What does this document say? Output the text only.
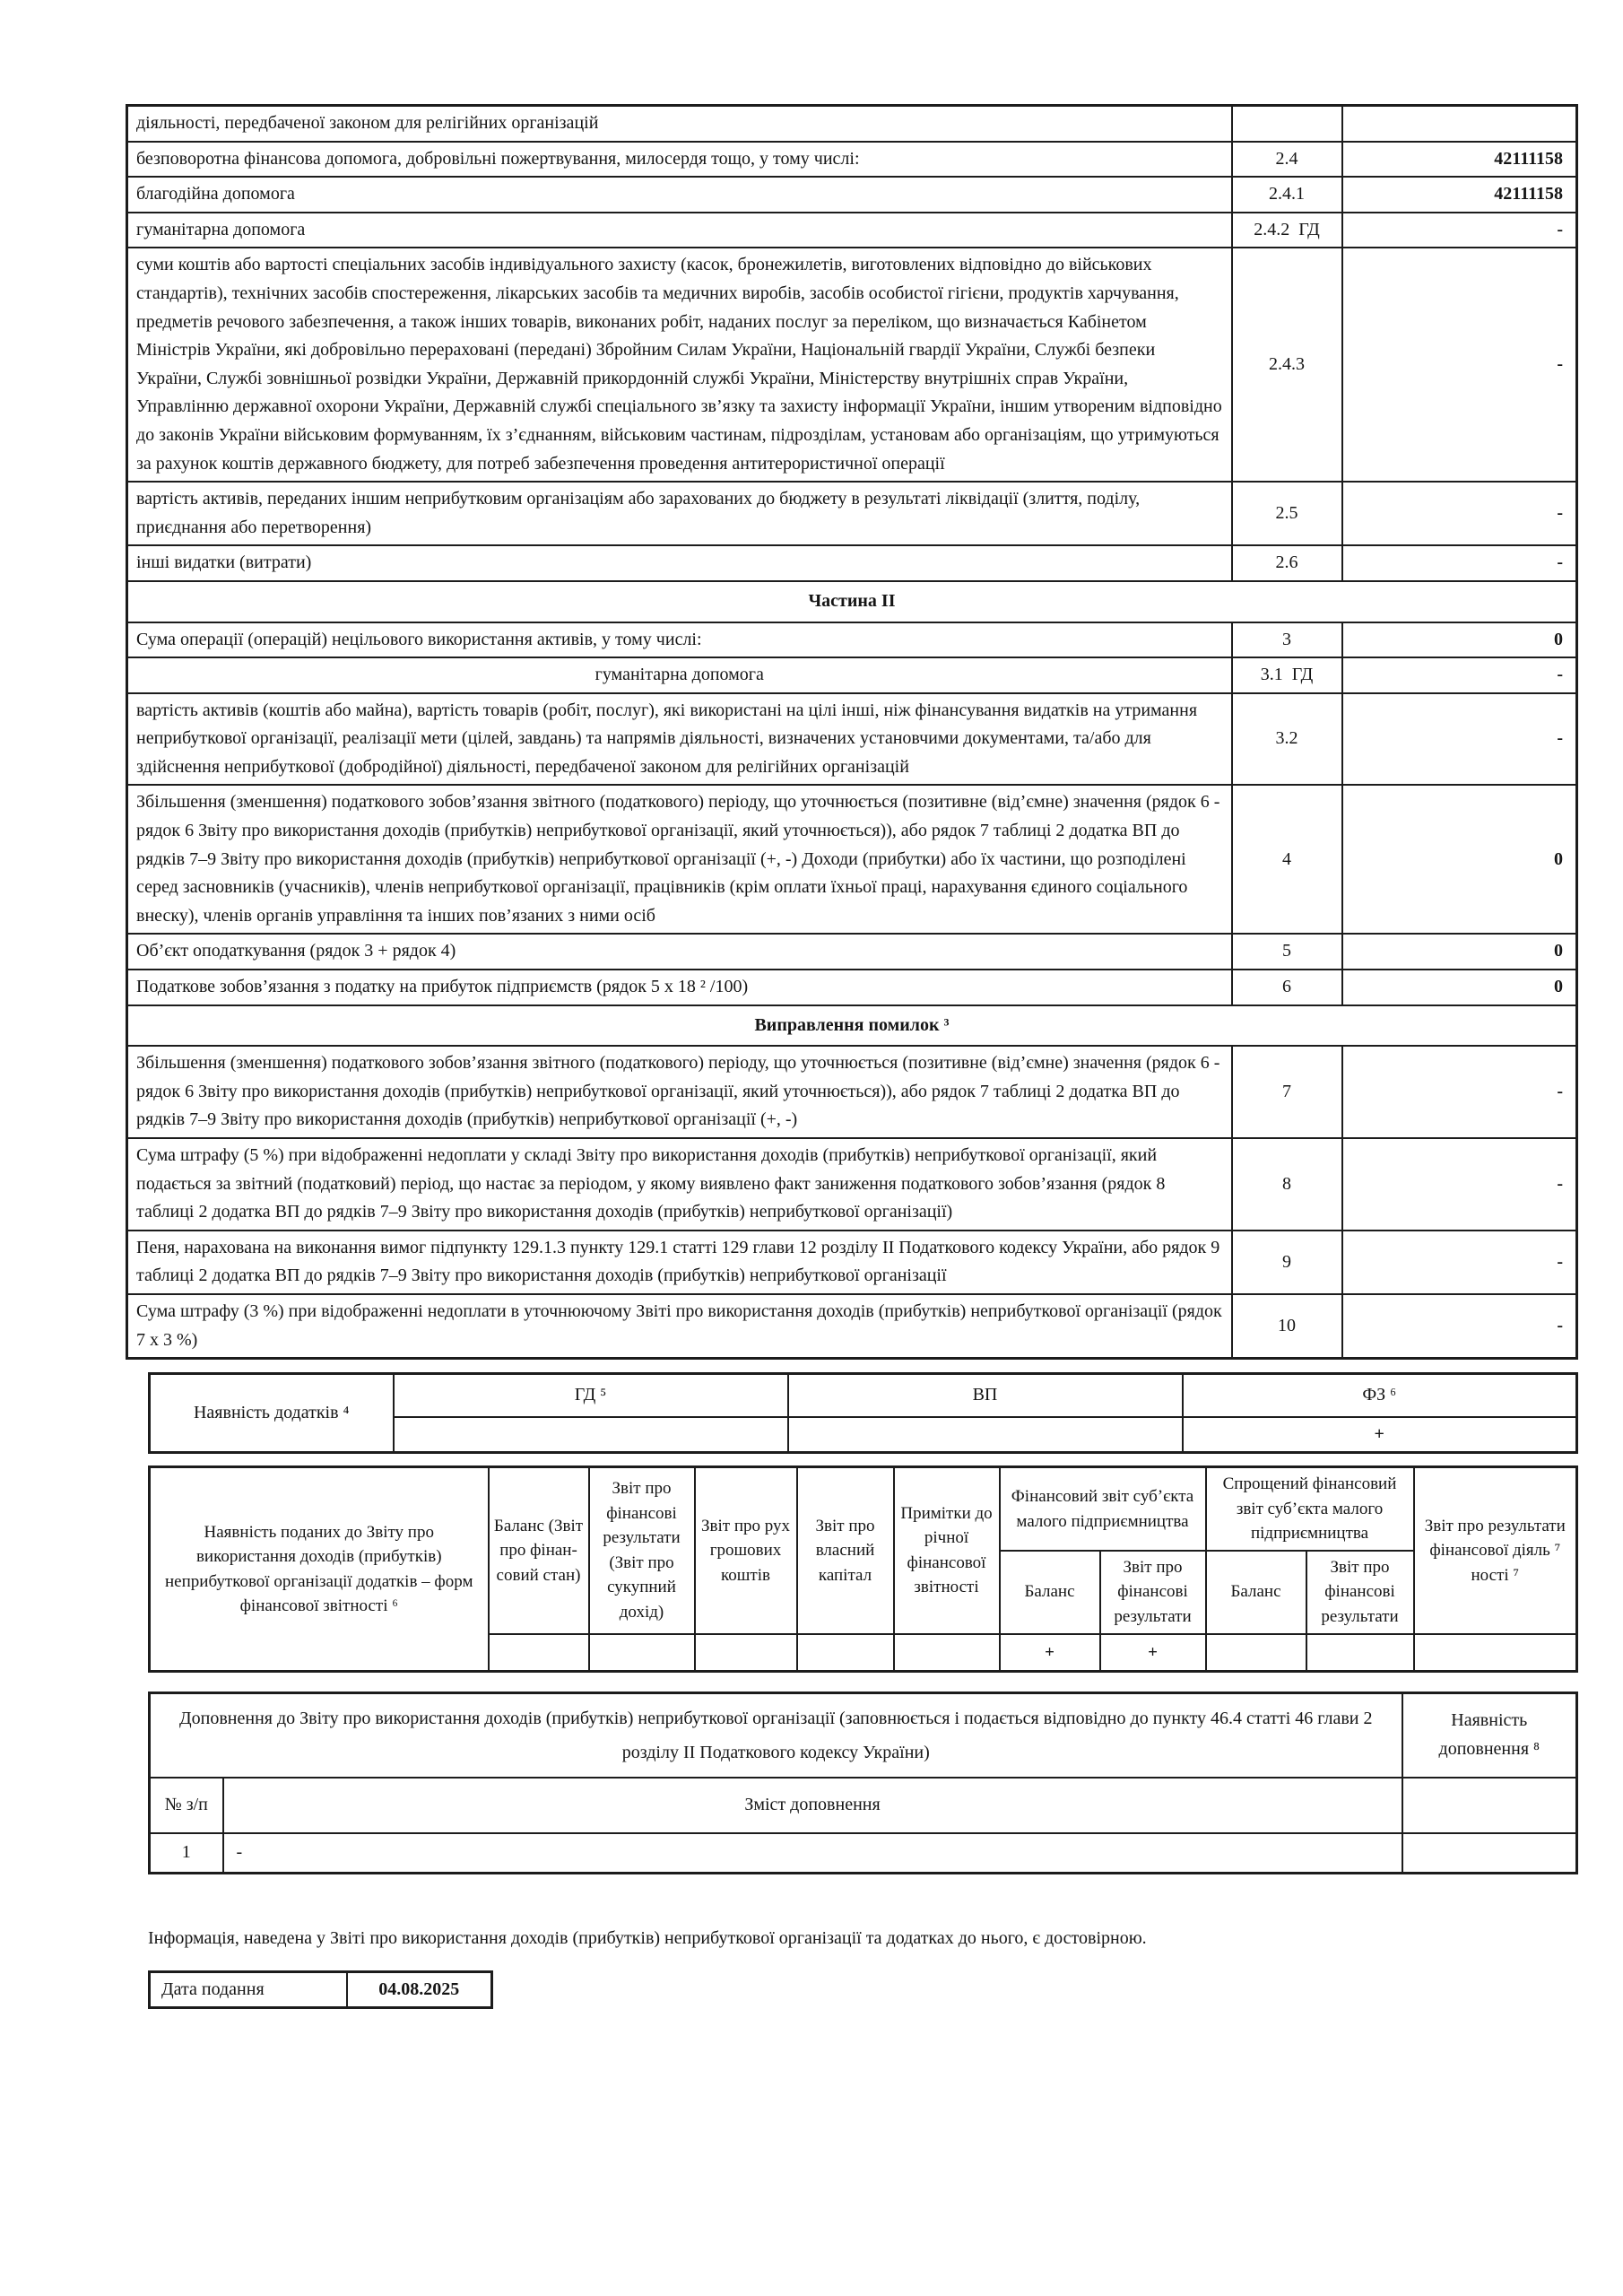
діяльності, передбаченої законом для релігійних організацій		
безповоротна фінансова допомога, добровільні пожертвування, милосердя тощо, у тому числі:	2.4	42111158
благодійна допомога	2.4.1	42111158
гуманітарна допомога	2.4.2  ГД	-
суми коштів або вартості спеціальних засобів індивідуального захисту (касок, бронежилетів, виготовлених відповідно до військових стандартів), технічних засобів спостереження, лікарських засобів та медичних виробів, засобів особистої гігієни, продуктів харчування, предметів речового забезпечення, а також інших товарів, виконаних робіт, наданих послуг за переліком, що визначається Кабінетом Міністрів України, які добровільно перераховані (передані) Збройним Силам України, Національній гвардії України, Службі безпеки України, Службі зовнішньої розвідки України, Державній прикордонній службі України, Міністерству внутрішніх справ України, Управлінню державної охорони України, Державній службі спеціального зв’язку та захисту інформації України, іншим утвореним відповідно до законів України військовим формуванням, їх з’єднанням, військовим частинам, підрозділам, установам або організаціям, що утримуються за рахунок коштів державного бюджету, для потреб забезпечення проведення антитерористичної операції	2.4.3	-
вартість активів, переданих іншим неприбутковим організаціям або зарахованих до бюджету в результаті ліквідації (злиття, поділу, приєднання або перетворення)	2.5	-
інші видатки (витрати)	2.6	-
Частина II		
Сума операції (операцій) нецільового використання активів, у тому числі:	3	0
гуманітарна допомога	3.1  ГД	-
вартість активів (коштів або майна), вартість товарів (робіт, послуг), які використані на цілі інші, ніж фінансування видатків на утримання неприбуткової організації, реалізації мети (цілей, завдань) та напрямів діяльності, визначених установчими документами, та/або для здійснення неприбуткової (добродійної) діяльності, передбаченої законом для релігійних організацій	3.2	-
Збільшення (зменшення) податкового зобов’язання звітного (податкового) періоду, що уточнюється (позитивне (від’ємне) значення (рядок 6 - рядок 6 Звіту про використання доходів (прибутків) неприбуткової організації, який уточнюється)), або рядок 7 таблиці 2 додатка ВП до рядків 7–9 Звіту про використання доходів (прибутків) неприбуткової організації (+, -) Доходи (прибутки) або їх частини, що розподілені серед засновників (учасників), членів неприбуткової організації, працівників (крім оплати їхньої праці, нарахування єдиного соціального внеску), членів органів управління та інших пов’язаних з ними осіб	4	0
Об’єкт оподаткування (рядок 3 + рядок 4)	5	0
Податкове зобов’язання з податку на прибуток підприємств (рядок 5 х 18 ² /100)	6	0
Виправлення помилок ³		
Збільшення (зменшення) податкового зобов’язання звітного (податкового) періоду, що уточнюється (позитивне (від’ємне) значення (рядок 6 - рядок 6 Звіту про використання доходів (прибутків) неприбуткової організації, який уточнюється)), або рядок 7 таблиці 2 додатка ВП до рядків 7–9 Звіту про використання доходів (прибутків) неприбуткової організації (+, -)	7	-
Сума штрафу (5 %) при відображенні недоплати у складі Звіту про використання доходів (прибутків) неприбуткової організації, який подається за звітний (податковий) період, що настає за періодом, у якому виявлено факт заниження податкового зобов’язання (рядок 8 таблиці 2 додатка ВП до рядків 7–9 Звіту про використання доходів (прибутків) неприбуткової організації)	8	-
Пеня, нарахована на виконання вимог підпункту 129.1.3 пункту 129.1 статті 129 глави 12 розділу II Податкового кодексу України, або рядок 9 таблиці 2 додатка ВП до рядків 7–9 Звіту про використання доходів (прибутків) неприбуткової організації	9	-
Сума штрафу (3 %) при відображенні недоплати в уточнюючому Звіті про використання доходів (прибутків) неприбуткової організації (рядок 7 х 3 %)	10	-
Наявність додатків ⁴	ГД ⁵	ВП	ФЗ ⁶
			+
Наявність поданих до Звіту про використання доходів (прибутків) неприбуткової організації додатків – форм фінансової звітності ⁶	Баланс (Звіт про фінан-совий стан)	Звіт про фінансові результати (Звіт про сукупний дохід)	Звіт про рух грошових коштів	Звіт про власний капітал	Примітки до річної фінансової звітності	Фінансовий звіт суб’єкта малого підприємництва		Спрощений фінансовий звіт суб’єкта малого підприємництва		Звіт про результати фінансової діяль ⁷ ності ⁷
						Баланс	Звіт про фінансові результати	Баланс	Звіт про фінансові результати	
						+	+			
Доповнення до Звіту про використання доходів (прибутків) неприбуткової організації (заповнюється і подається відповідно до пункту 46.4 статті 46 глави 2 розділу II Податкового кодексу України)		Наявність доповнення ⁸
№ з/п	Зміст доповнення	
1	-	
Інформація, наведена у Звіті про використання доходів (прибутків) неприбуткової організації та додатках до нього, є достовірною.
Дата подання	04.08.2025
